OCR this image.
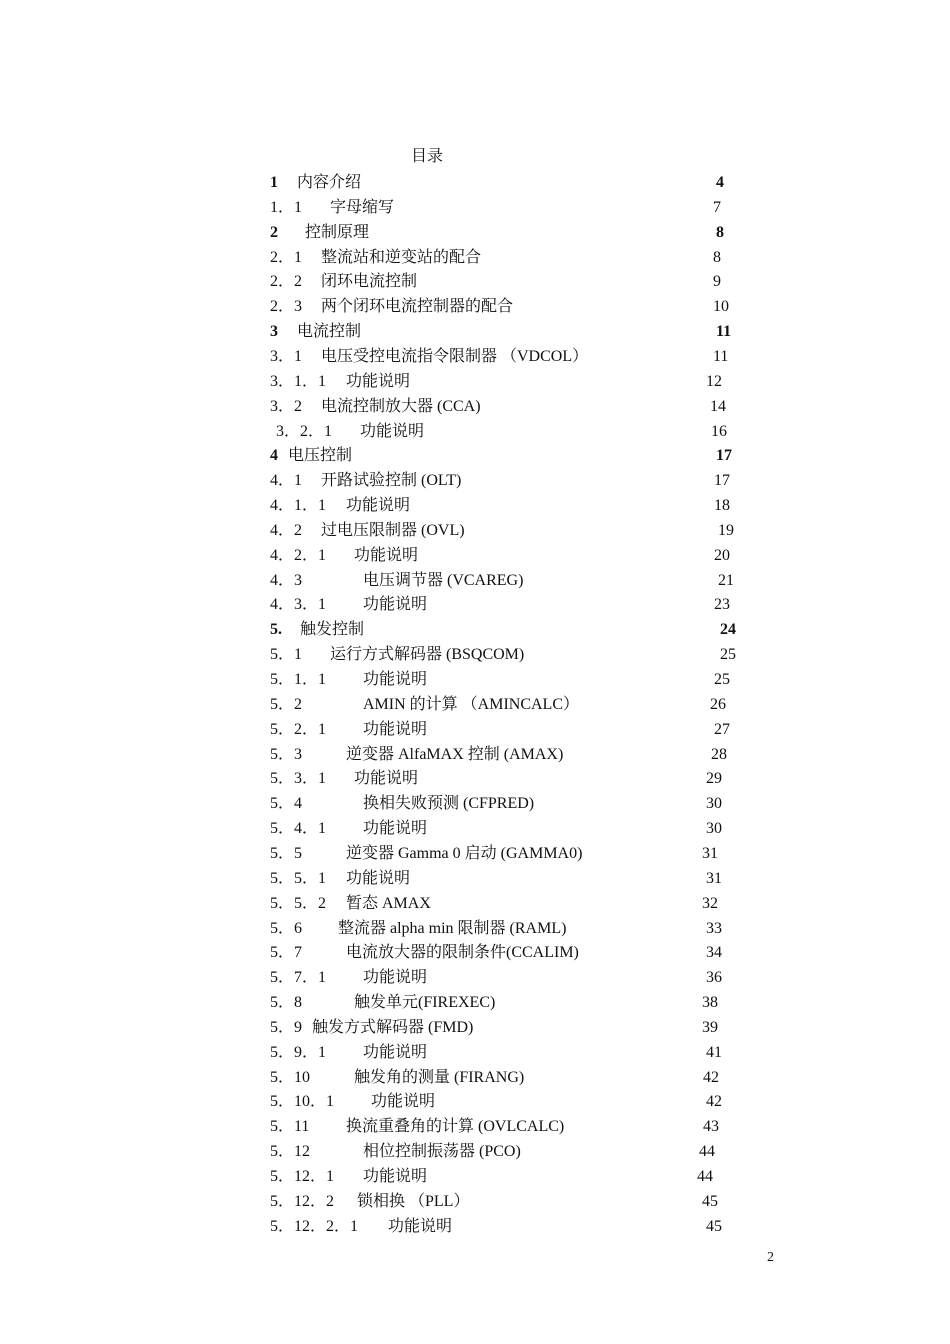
目录
1 内容介绍	4
1．1 字母缩写	7
2 控制原理	8
2．1 整流站和逆变站的配合	8
2．2 闭环电流控制	9
2．3 两个闭环电流控制器的配合	10
3 电流控制	11
3．1 电压受控电流指令限制器 （VDCOL）	11
3．1．1 功能说明	12
3．2 电流控制放大器 (CCA)	14
3．2．1 功能说明	16
4 电压控制	17
4．1 开路试验控制 (OLT)	17
4．1．1 功能说明	18
4．2 过电压限制器 (OVL)	19
4．2．1 功能说明	20
4．3	电压调节器 (VCAREG)	21
4．3．1 功能说明	23
5. 触发控制	24
5．1 运行方式解码器 (BSQCOM)	25
5．1．1 功能说明	25
5．2	AMIN 的计算 （AMINCALC）	26
5．2．1 功能说明	27
5．3	逆变器 AlfaMAX 控制 (AMAX)	28
5．3．1 功能说明	29
5．4	换相失败预测 (CFPRED)	30
5．4．1 功能说明	30
5．5	逆变器 Gamma 0 启动 (GAMMA0)	31
5．5．1 功能说明	31
5．5．2 暂态 AMAX	32
5．6 整流器 alpha min 限制器 (RAML)	33
5．7	电流放大器的限制条件(CCALIM)	34
5．7．1 功能说明	36
5．8	触发单元(FIREXEC)	38
5．9 触发方式解码器 (FMD)	39
5．9．1 功能说明	41
5．10	触发角的测量 (FIRANG)	42
5．10．1 功能说明	42
5．11 换流重叠角的计算 (OVLCALC)	43
5．12	相位控制振荡器 (PCO)	44
5．12．1 功能说明	44
5．12．2 锁相换 （PLL）	45
5．12．2．1 功能说明	45
2
